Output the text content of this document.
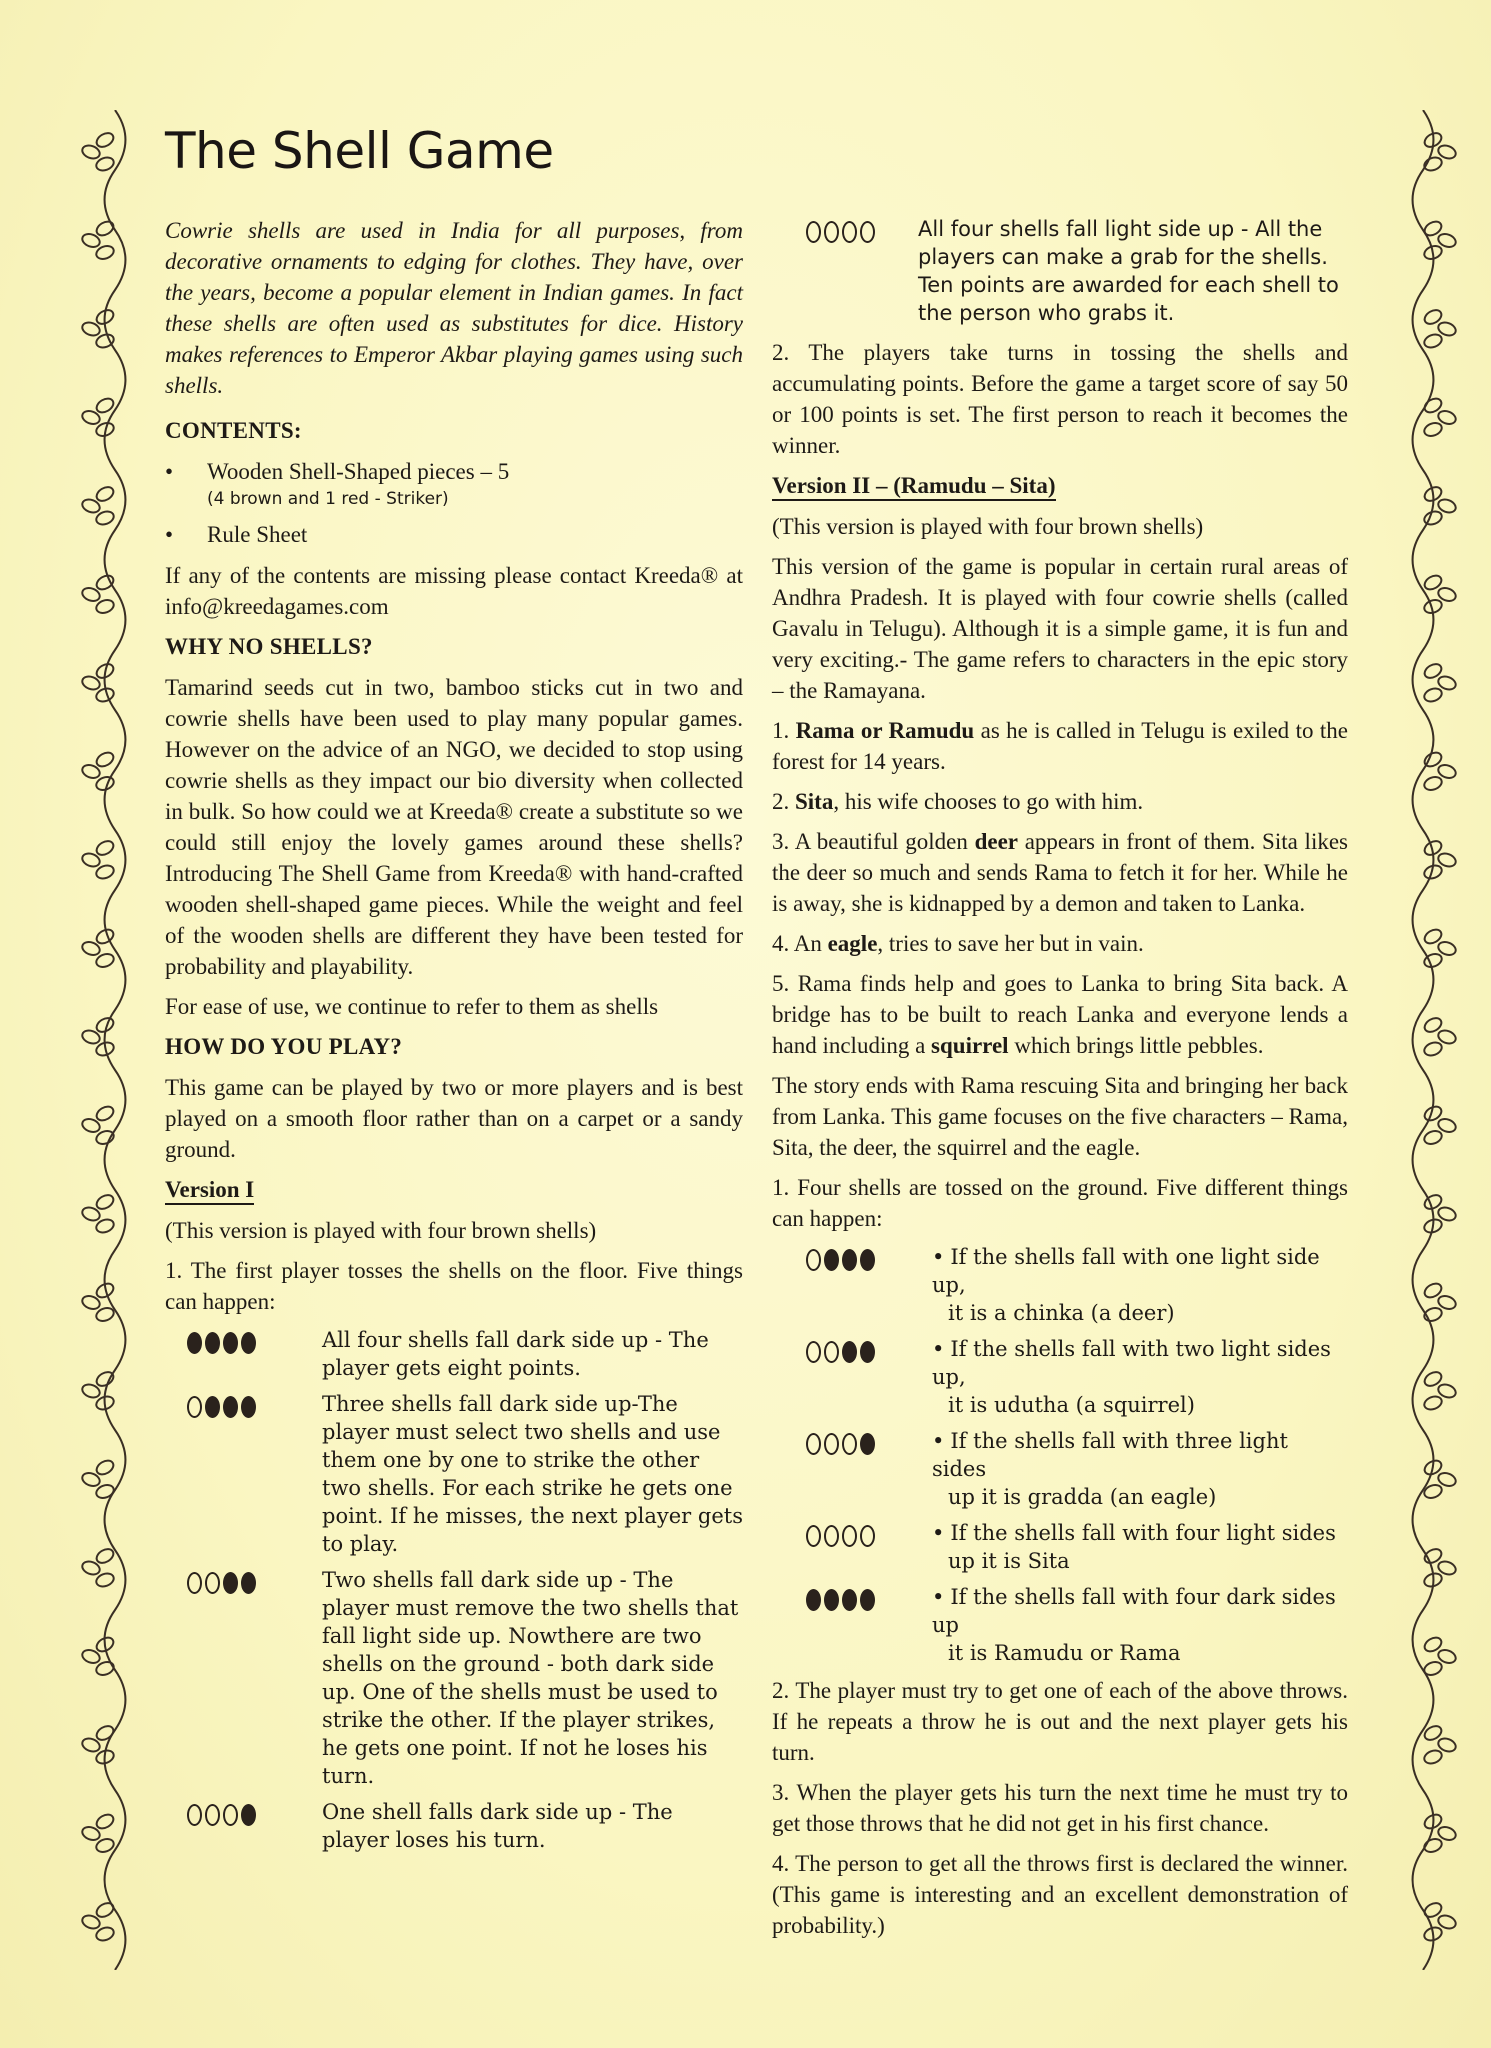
The Shell Game

Cowrie shells are used in India for all purposes, from decorative ornaments to edging for clothes. They have, over the years, become a popular element in Indian games. In fact these shells are often used as substitutes for dice. History makes references to Emperor Akbar playing games using such shells.

CONTENTS:
• Wooden Shell-Shaped pieces – 5
(4 brown and 1 red - Striker)
• Rule Sheet

If any of the contents are missing please contact Kreeda® at info@kreedagames.com

WHY NO SHELLS?

Tamarind seeds cut in two, bamboo sticks cut in two and cowrie shells have been used to play many popular games. However on the advice of an NGO, we decided to stop using cowrie shells as they impact our bio diversity when collected in bulk. So how could we at Kreeda® create a substitute so we could still enjoy the lovely games around these shells? Introducing The Shell Game from Kreeda® with hand-crafted wooden shell-shaped game pieces. While the weight and feel of the wooden shells are different they have been tested for probability and playability.

For ease of use, we continue to refer to them as shells

HOW DO YOU PLAY?

This game can be played by two or more players and is best played on a smooth floor rather than on a carpet or a sandy ground.

Version I

(This version is played with four brown shells)

1. The first player tosses the shells on the floor. Five things can happen:

All four shells fall dark side up - The player gets eight points.
Three shells fall dark side up-The player must select two shells and use them one by one to strike the other two shells. For each strike he gets one point. If he misses, the next player gets to play.
Two shells fall dark side up - The player must remove the two shells that fall light side up. Nowthere are two shells on the ground - both dark side up. One of the shells must be used to strike the other. If the player strikes, he gets one point. If not he loses his turn.
One shell falls dark side up - The player loses his turn.
All four shells fall light side up - All the players can make a grab for the shells. Ten points are awarded for each shell to the person who grabs it.

2. The players take turns in tossing the shells and accumulating points. Before the game a target score of say 50 or 100 points is set. The first person to reach it becomes the winner.

Version II – (Ramudu – Sita)

(This version is played with four brown shells)

This version of the game is popular in certain rural areas of Andhra Pradesh. It is played with four cowrie shells (called Gavalu in Telugu). Although it is a simple game, it is fun and very exciting.- The game refers to characters in the epic story – the Ramayana.

1. Rama or Ramudu as he is called in Telugu is exiled to the forest for 14 years.

2. Sita, his wife chooses to go with him.

3. A beautiful golden deer appears in front of them. Sita likes the deer so much and sends Rama to fetch it for her. While he is away, she is kidnapped by a demon and taken to Lanka.

4. An eagle, tries to save her but in vain.

5. Rama finds help and goes to Lanka to bring Sita back. A bridge has to be built to reach Lanka and everyone lends a hand including a squirrel which brings little pebbles.

The story ends with Rama rescuing Sita and bringing her back from Lanka. This game focuses on the five characters – Rama, Sita, the deer, the squirrel and the eagle.

1. Four shells are tossed on the ground. Five different things can happen:

• If the shells fall with one light side up,
it is a chinka (a deer)
• If the shells fall with two light sides up,
it is udutha (a squirrel)
• If the shells fall with three light sides
up it is gradda (an eagle)
• If the shells fall with four light sides
up it is Sita
• If the shells fall with four dark sides up
it is Ramudu or Rama

2. The player must try to get one of each of the above throws. If he repeats a throw he is out and the next player gets his turn.

3. When the player gets his turn the next time he must try to get those throws that he did not get in his first chance.

4. The person to get all the throws first is declared the winner.(This game is interesting and an excellent demonstration of probability.)
